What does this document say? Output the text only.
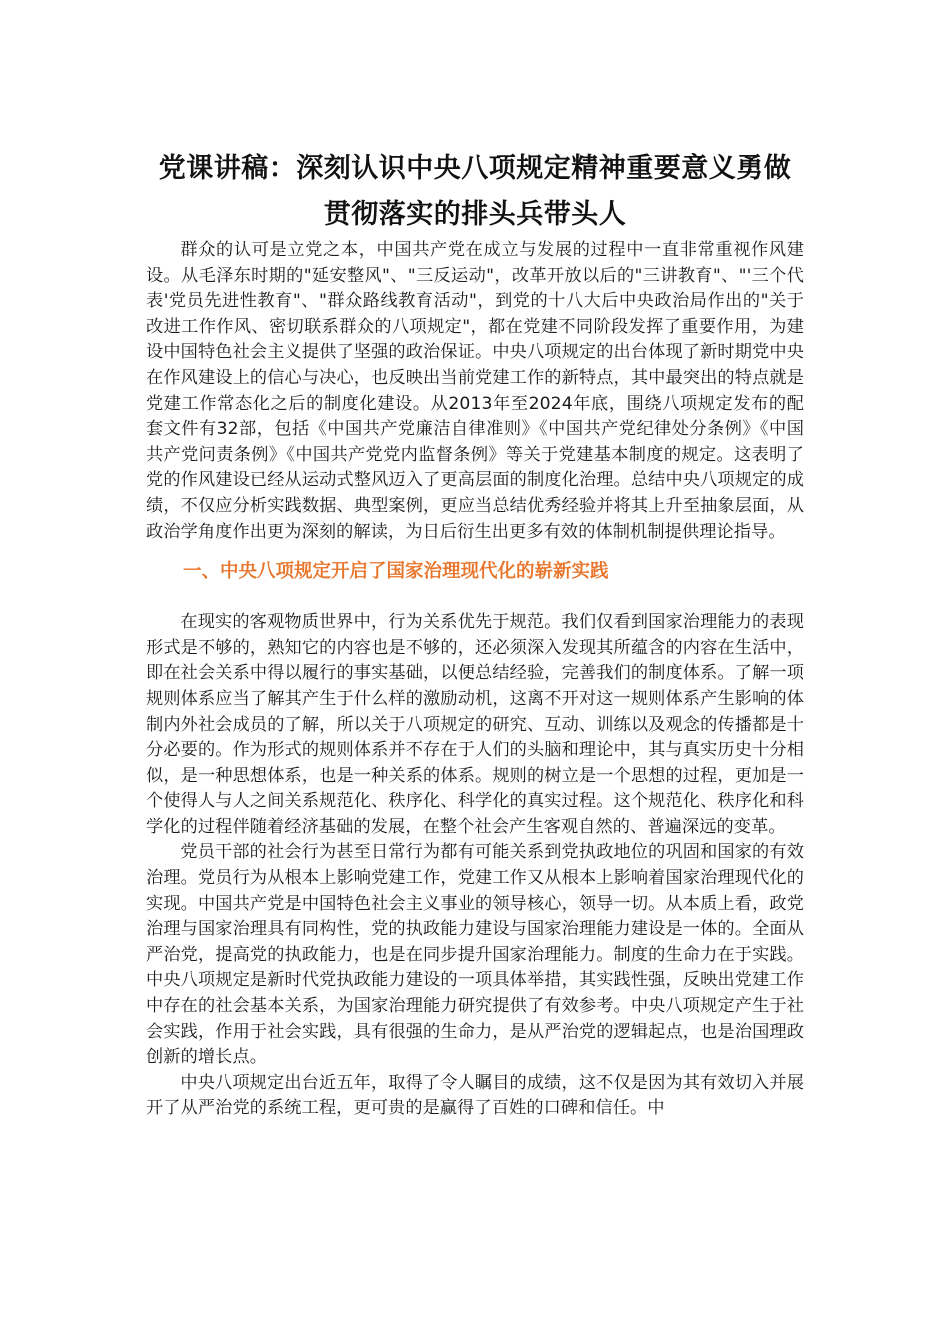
党课讲稿：深刻认识中央八项规定精神重要意义勇做贯彻落实的排头兵带头人

群众的认可是立党之本，中国共产党在成立与发展的过程中一直非常重视作风建设。从毛泽东时期的"延安整风"、"三反运动"，改革开放以后的"三讲教育"、"'三个代表'党员先进性教育"、"群众路线教育活动"，到党的十八大后中央政治局作出的"关于改进工作作风、密切联系群众的八项规定"，都在党建不同阶段发挥了重要作用，为建设中国特色社会主义提供了坚强的政治保证。中央八项规定的出台体现了新时期党中央在作风建设上的信心与决心，也反映出当前党建工作的新特点，其中最突出的特点就是党建工作常态化之后的制度化建设。从2013年至2024年底，围绕八项规定发布的配套文件有32部，包括《中国共产党廉洁自律准则》《中国共产党纪律处分条例》《中国共产党问责条例》《中国共产党党内监督条例》等关于党建基本制度的规定。这表明了党的作风建设已经从运动式整风迈入了更高层面的制度化治理。总结中央八项规定的成绩，不仅应分析实践数据、典型案例，更应当总结优秀经验并将其上升至抽象层面，从政治学角度作出更为深刻的解读，为日后衍生出更多有效的体制机制提供理论指导。

一、中央八项规定开启了国家治理现代化的崭新实践

在现实的客观物质世界中，行为关系优先于规范。我们仅看到国家治理能力的表现形式是不够的，熟知它的内容也是不够的，还必须深入发现其所蕴含的内容在生活中，即在社会关系中得以履行的事实基础，以便总结经验，完善我们的制度体系。了解一项规则体系应当了解其产生于什么样的激励动机，这离不开对这一规则体系产生影响的体制内外社会成员的了解，所以关于八项规定的研究、互动、训练以及观念的传播都是十分必要的。作为形式的规则体系并不存在于人们的头脑和理论中，其与真实历史十分相似，是一种思想体系，也是一种关系的体系。规则的树立是一个思想的过程，更加是一个使得人与人之间关系规范化、秩序化、科学化的真实过程。这个规范化、秩序化和科学化的过程伴随着经济基础的发展，在整个社会产生客观自然的、普遍深远的变革。

党员干部的社会行为甚至日常行为都有可能关系到党执政地位的巩固和国家的有效治理。党员行为从根本上影响党建工作，党建工作又从根本上影响着国家治理现代化的实现。中国共产党是中国特色社会主义事业的领导核心，领导一切。从本质上看，政党治理与国家治理具有同构性，党的执政能力建设与国家治理能力建设是一体的。全面从严治党，提高党的执政能力，也是在同步提升国家治理能力。制度的生命力在于实践。中央八项规定是新时代党执政能力建设的一项具体举措，其实践性强，反映出党建工作中存在的社会基本关系，为国家治理能力研究提供了有效参考。中央八项规定产生于社会实践，作用于社会实践，具有很强的生命力，是从严治党的逻辑起点，也是治国理政创新的增长点。

中央八项规定出台近五年，取得了令人瞩目的成绩，这不仅是因为其有效切入并展开了从严治党的系统工程，更可贵的是赢得了百姓的口碑和信任。中
